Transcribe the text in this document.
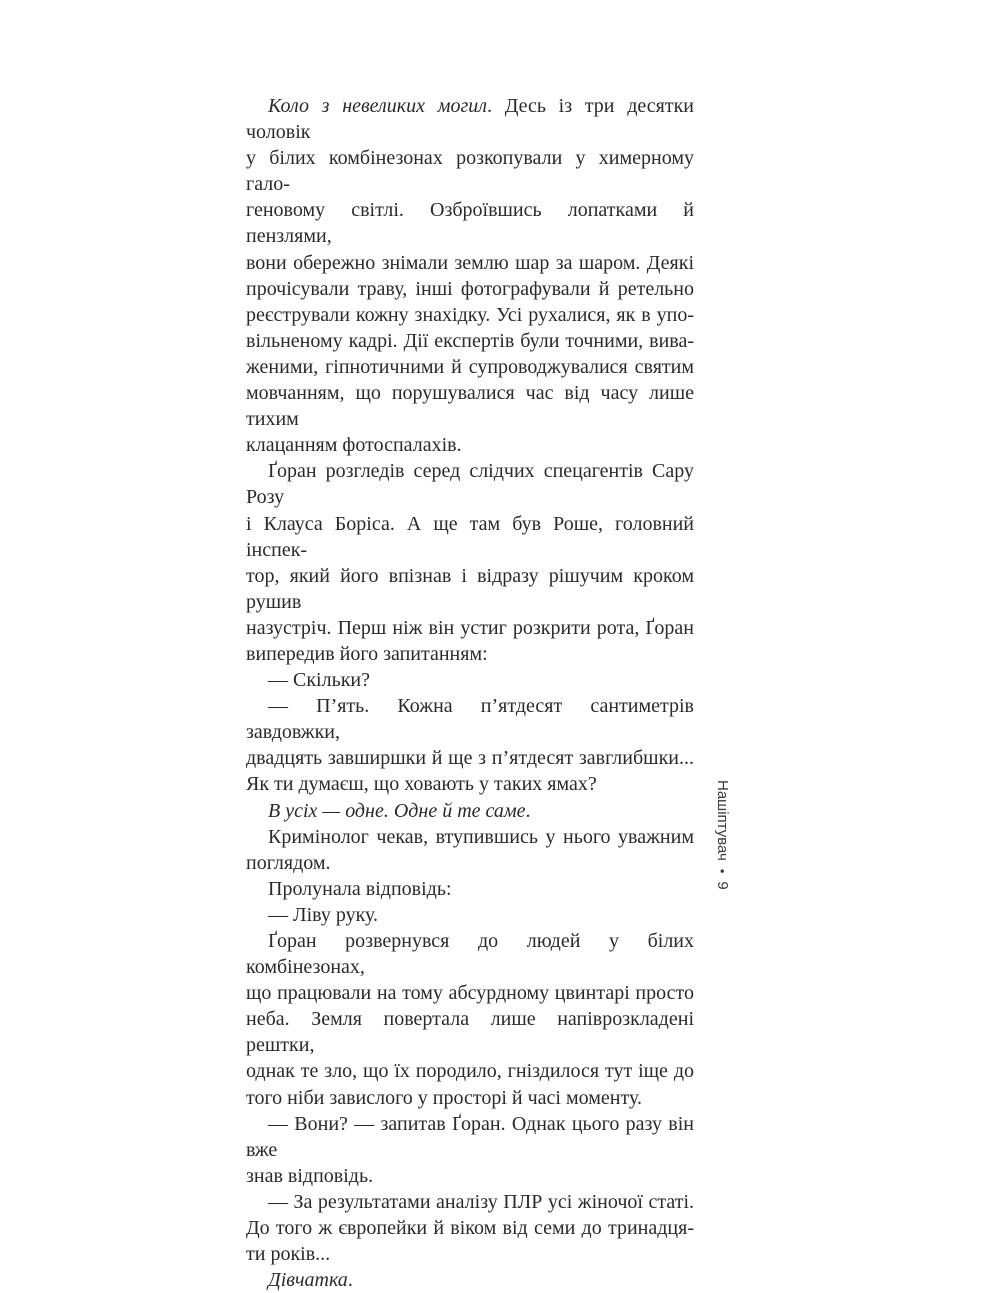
Коло з невеликих могил. Десь із три десятки чоловік
у білих комбінезонах розкопували у химерному гало-
геновому світлі. Озброївшись лопатками й пензлями,
вони обережно знімали землю шар за шаром. Деякі
прочісували траву, інші фотографували й ретельно
реєстрували кожну знахідку. Усі рухалися, як в упо-
вільненому кадрі. Дії експертів були точними, вива-
женими, гіпнотичними й супроводжувалися святим
мовчанням, що порушувалися час від часу лише тихим
клацанням фотоспалахів.
Ґоран розгледів серед слідчих спецагентів Сару Розу
і Клауса Боріса. А ще там був Роше, головний інспек-
тор, який його впізнав і відразу рішучим кроком рушив
назустріч. Перш ніж він устиг розкрити рота, Ґоран
випередив його запитанням:
— Скільки?
— П’ять. Кожна п’ятдесят сантиметрів завдовжки,
двадцять завширшки й ще з п’ятдесят завглибшки...
Як ти думаєш, що ховають у таких ямах?
В усіх — одне. Одне й те саме.
Кримінолог чекав, втупившись у нього уважним
поглядом.
Пролунала відповідь:
— Ліву руку.
Ґоран розвернувся до людей у білих комбінезонах,
що працювали на тому абсурдному цвинтарі просто
неба. Земля повертала лише напіврозкладені рештки,
однак те зло, що їх породило, гніздилося тут іще до
того ніби завислого у просторі й часі моменту.
— Вони? — запитав Ґоран. Однак цього разу він вже
знав відповідь.
— За результатами аналізу ПЛР усі жіночої статі.
До того ж європейки й віком від семи до тринадця-
ти років...
Дівчатка.
Нашіптувач
•
9
